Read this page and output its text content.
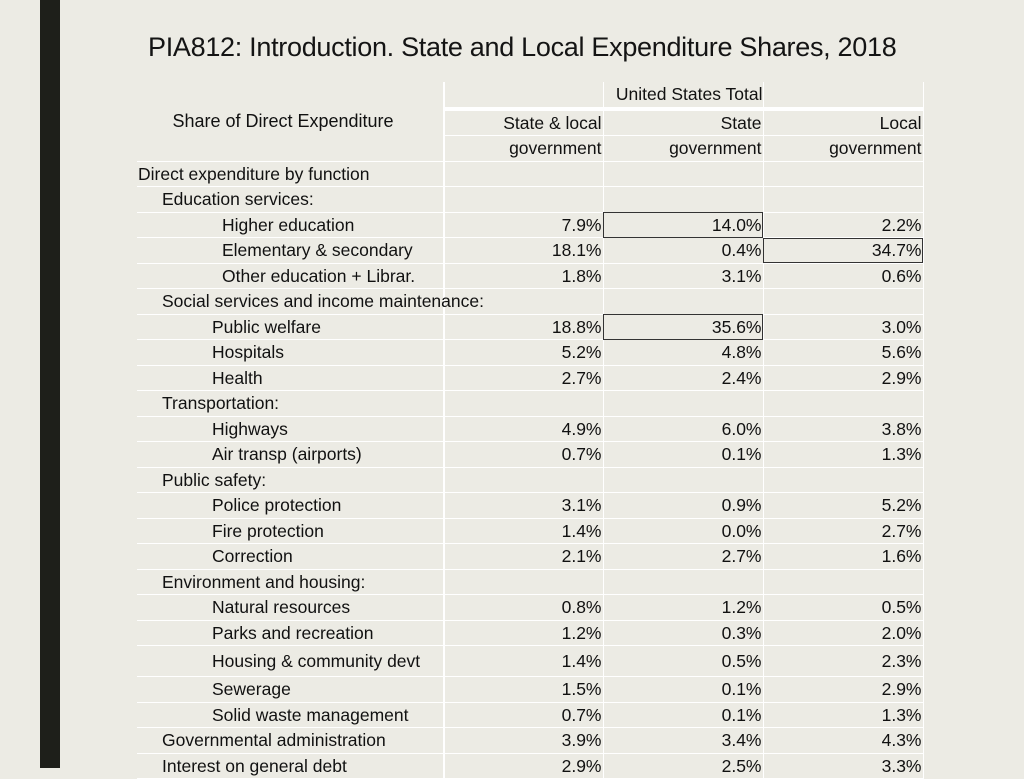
PIA812: Introduction. State and Local Expenditure Shares, 2018
Share of Direct Expenditure		United States Total	
	State & local	State	Local
	government	government	government
Direct expenditure by function			
Education services:			
Higher education	7.9%	14.0%	2.2%
Elementary & secondary	18.1%	0.4%	34.7%
Other education + Librar.	1.8%	3.1%	0.6%
Social services and income maintenance:			
Public welfare	18.8%	35.6%	3.0%
Hospitals	5.2%	4.8%	5.6%
Health	2.7%	2.4%	2.9%
Transportation:			
Highways	4.9%	6.0%	3.8%
Air transp (airports)	0.7%	0.1%	1.3%
Public safety:			
Police protection	3.1%	0.9%	5.2%
Fire protection	1.4%	0.0%	2.7%
Correction	2.1%	2.7%	1.6%
Environment and housing:			
Natural resources	0.8%	1.2%	0.5%
Parks and recreation	1.2%	0.3%	2.0%
Housing & community devt	1.4%	0.5%	2.3%
Sewerage	1.5%	0.1%	2.9%
Solid waste management	0.7%	0.1%	1.3%
Governmental administration	3.9%	3.4%	4.3%
Interest on general debt	2.9%	2.5%	3.3%
